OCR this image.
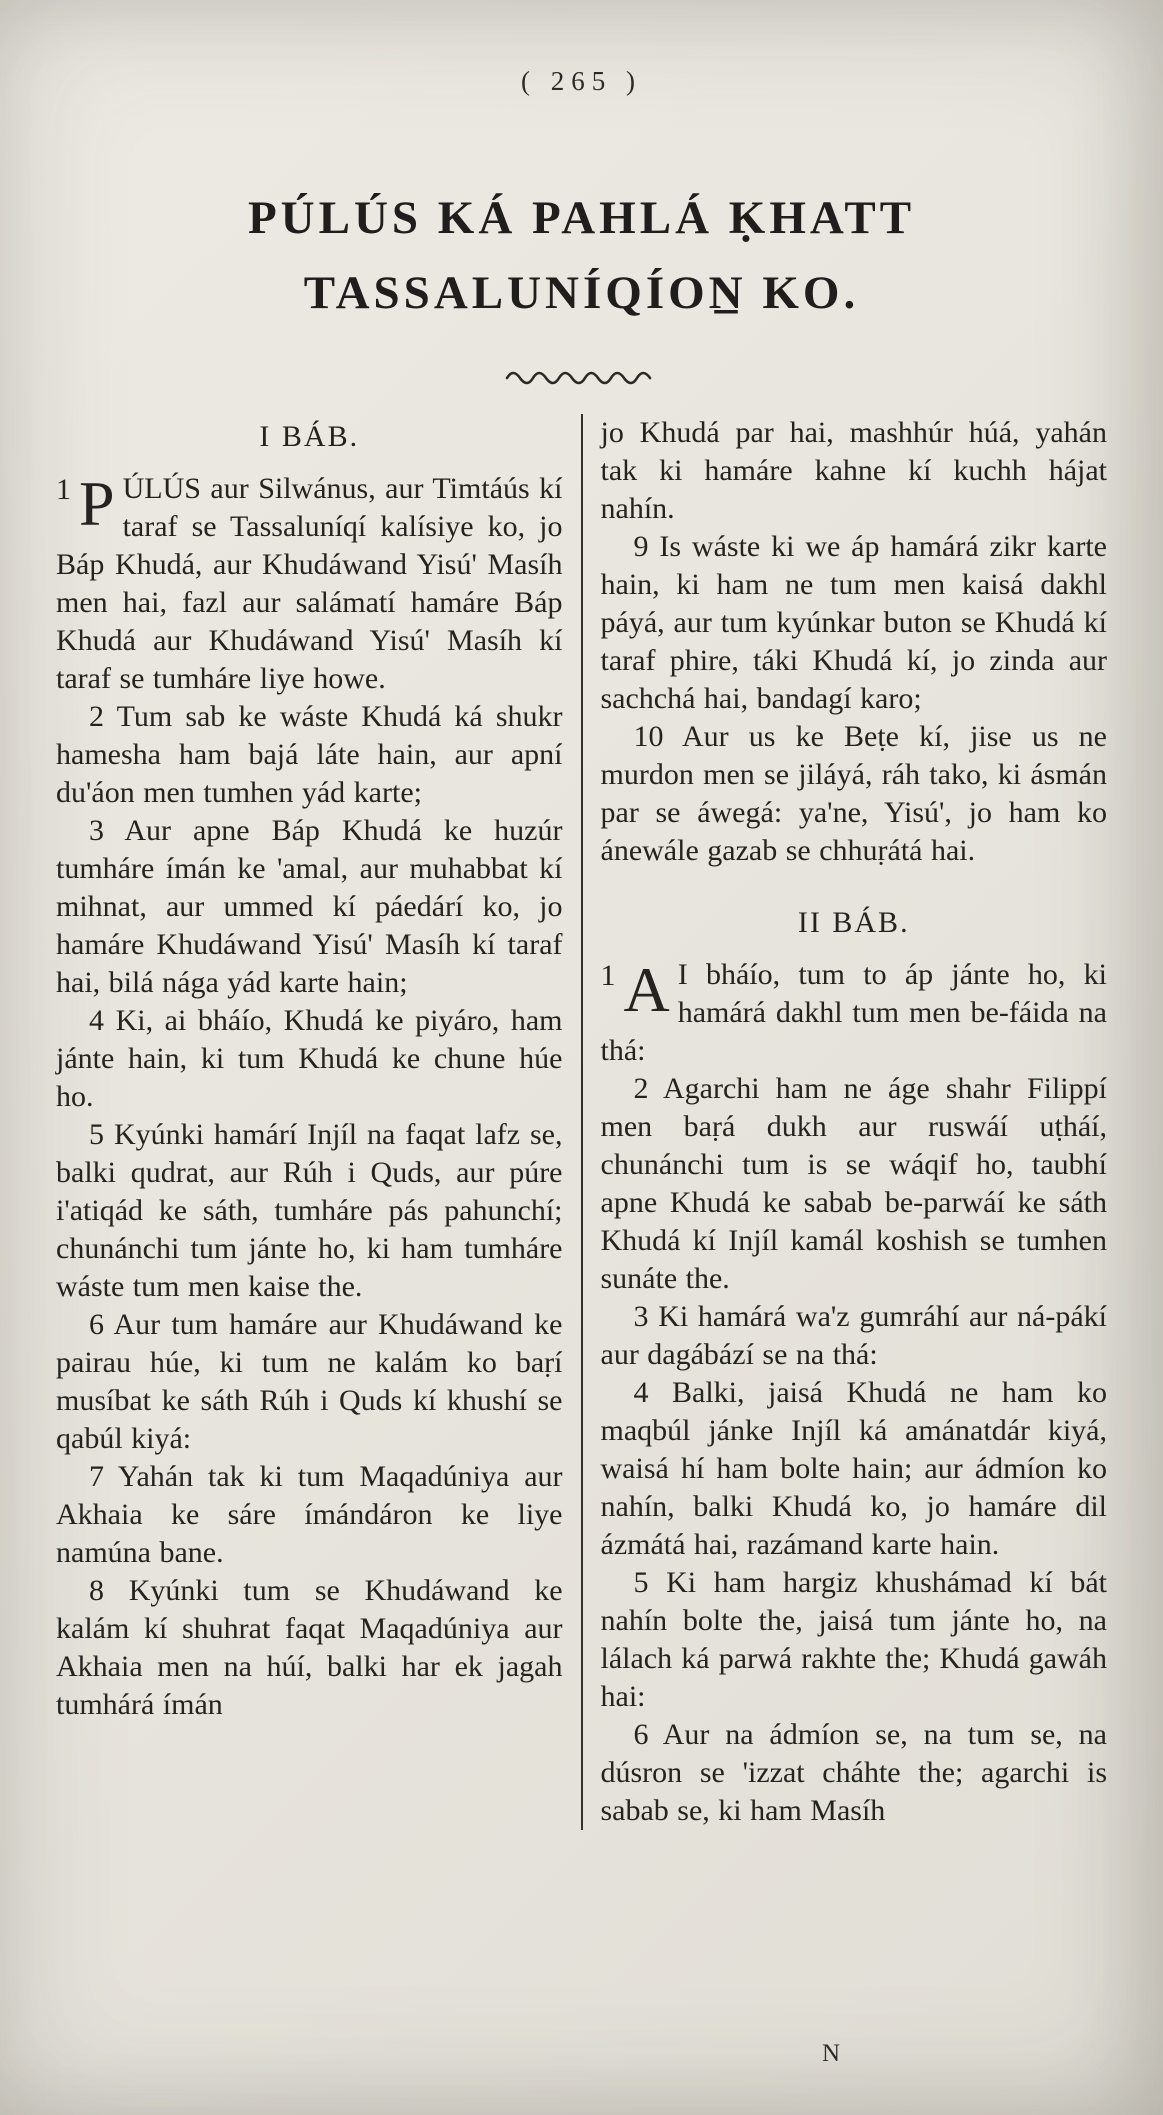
( 265 )
PÚLÚS KÁ PAHLÁ ḲHATT
TASSALUNÍQÍON̲ KO.
I BÁB.

1 P ÚLÚS aur Silwánus, aur Timtáús kí taraf se Tassaluníqí kalísiye ko, jo Báp Khudá, aur Khudáwand Yisú' Masíh men hai, fazl aur salámatí hamáre Báp Khudá aur Khudáwand Yisú' Masíh kí taraf se tumháre liye howe.

2 Tum sab ke wáste Khudá ká shukr hamesha ham bajá láte hain, aur apní du'áon men tumhen yád karte;

3 Aur apne Báp Khudá ke huzúr tumháre ímán ke 'amal, aur muhabbat kí mihnat, aur ummed kí páedárí ko, jo hamáre Khudáwand Yisú' Masíh kí taraf hai, bilá nága yád karte hain;

4 Ki, ai bháío, Khudá ke piyáro, ham jánte hain, ki tum Khudá ke chune húe ho.

5 Kyúnki hamárí Injíl na faqat lafz se, balki qudrat, aur Rúh i Quds, aur púre i'atiqád ke sáth, tumháre pás pahunchí; chunánchi tum jánte ho, ki ham tumháre wáste tum men kaise the.

6 Aur tum hamáre aur Khudáwand ke pairau húe, ki tum ne kalám ko baṛí musíbat ke sáth Rúh i Quds kí khushí se qabúl kiyá:

7 Yahán tak ki tum Maqadúniya aur Akhaia ke sáre ímándáron ke liye namúna bane.

8 Kyúnki tum se Khudáwand ke kalám kí shuhrat faqat Maqadúniya aur Akhaia men na húí, balki har ek jagah tumhárá ímán

jo Khudá par hai, mashhúr húá, yahán tak ki hamáre kahne kí kuchh hájat nahín.

9 Is wáste ki we áp hamárá zikr karte hain, ki ham ne tum men kaisá dakhl páyá, aur tum kyúnkar buton se Khudá kí taraf phire, táki Khudá kí, jo zinda aur sachchá hai, bandagí karo;

10 Aur us ke Beṭe kí, jise us ne murdon men se jiláyá, ráh tako, ki ásmán par se áwegá: ya'ne, Yisú', jo ham ko ánewále gazab se chhuṛátá hai.

II BÁB.

1 A I bháío, tum to áp jánte ho, ki hamárá dakhl tum men be-fáida na thá:

2 Agarchi ham ne áge shahr Filippí men baṛá dukh aur ruswáí uṭháí, chunánchi tum is se wáqif ho, taubhí apne Khudá ke sabab be-parwáí ke sáth Khudá kí Injíl kamál koshish se tumhen sunáte the.

3 Ki hamárá wa'z gumráhí aur ná-pákí aur dagábází se na thá:

4 Balki, jaisá Khudá ne ham ko maqbúl jánke Injíl ká amánatdár kiyá, waisá hí ham bolte hain; aur ádmíon ko nahín, balki Khudá ko, jo hamáre dil ázmátá hai, razámand karte hain.

5 Ki ham hargiz khushámad kí bát nahín bolte the, jaisá tum jánte ho, na lálach ká parwá rakhte the; Khudá gawáh hai:

6 Aur na ádmíon se, na tum se, na dúsron se 'izzat cháhte the; agarchi is sabab se, ki ham Masíh

N
